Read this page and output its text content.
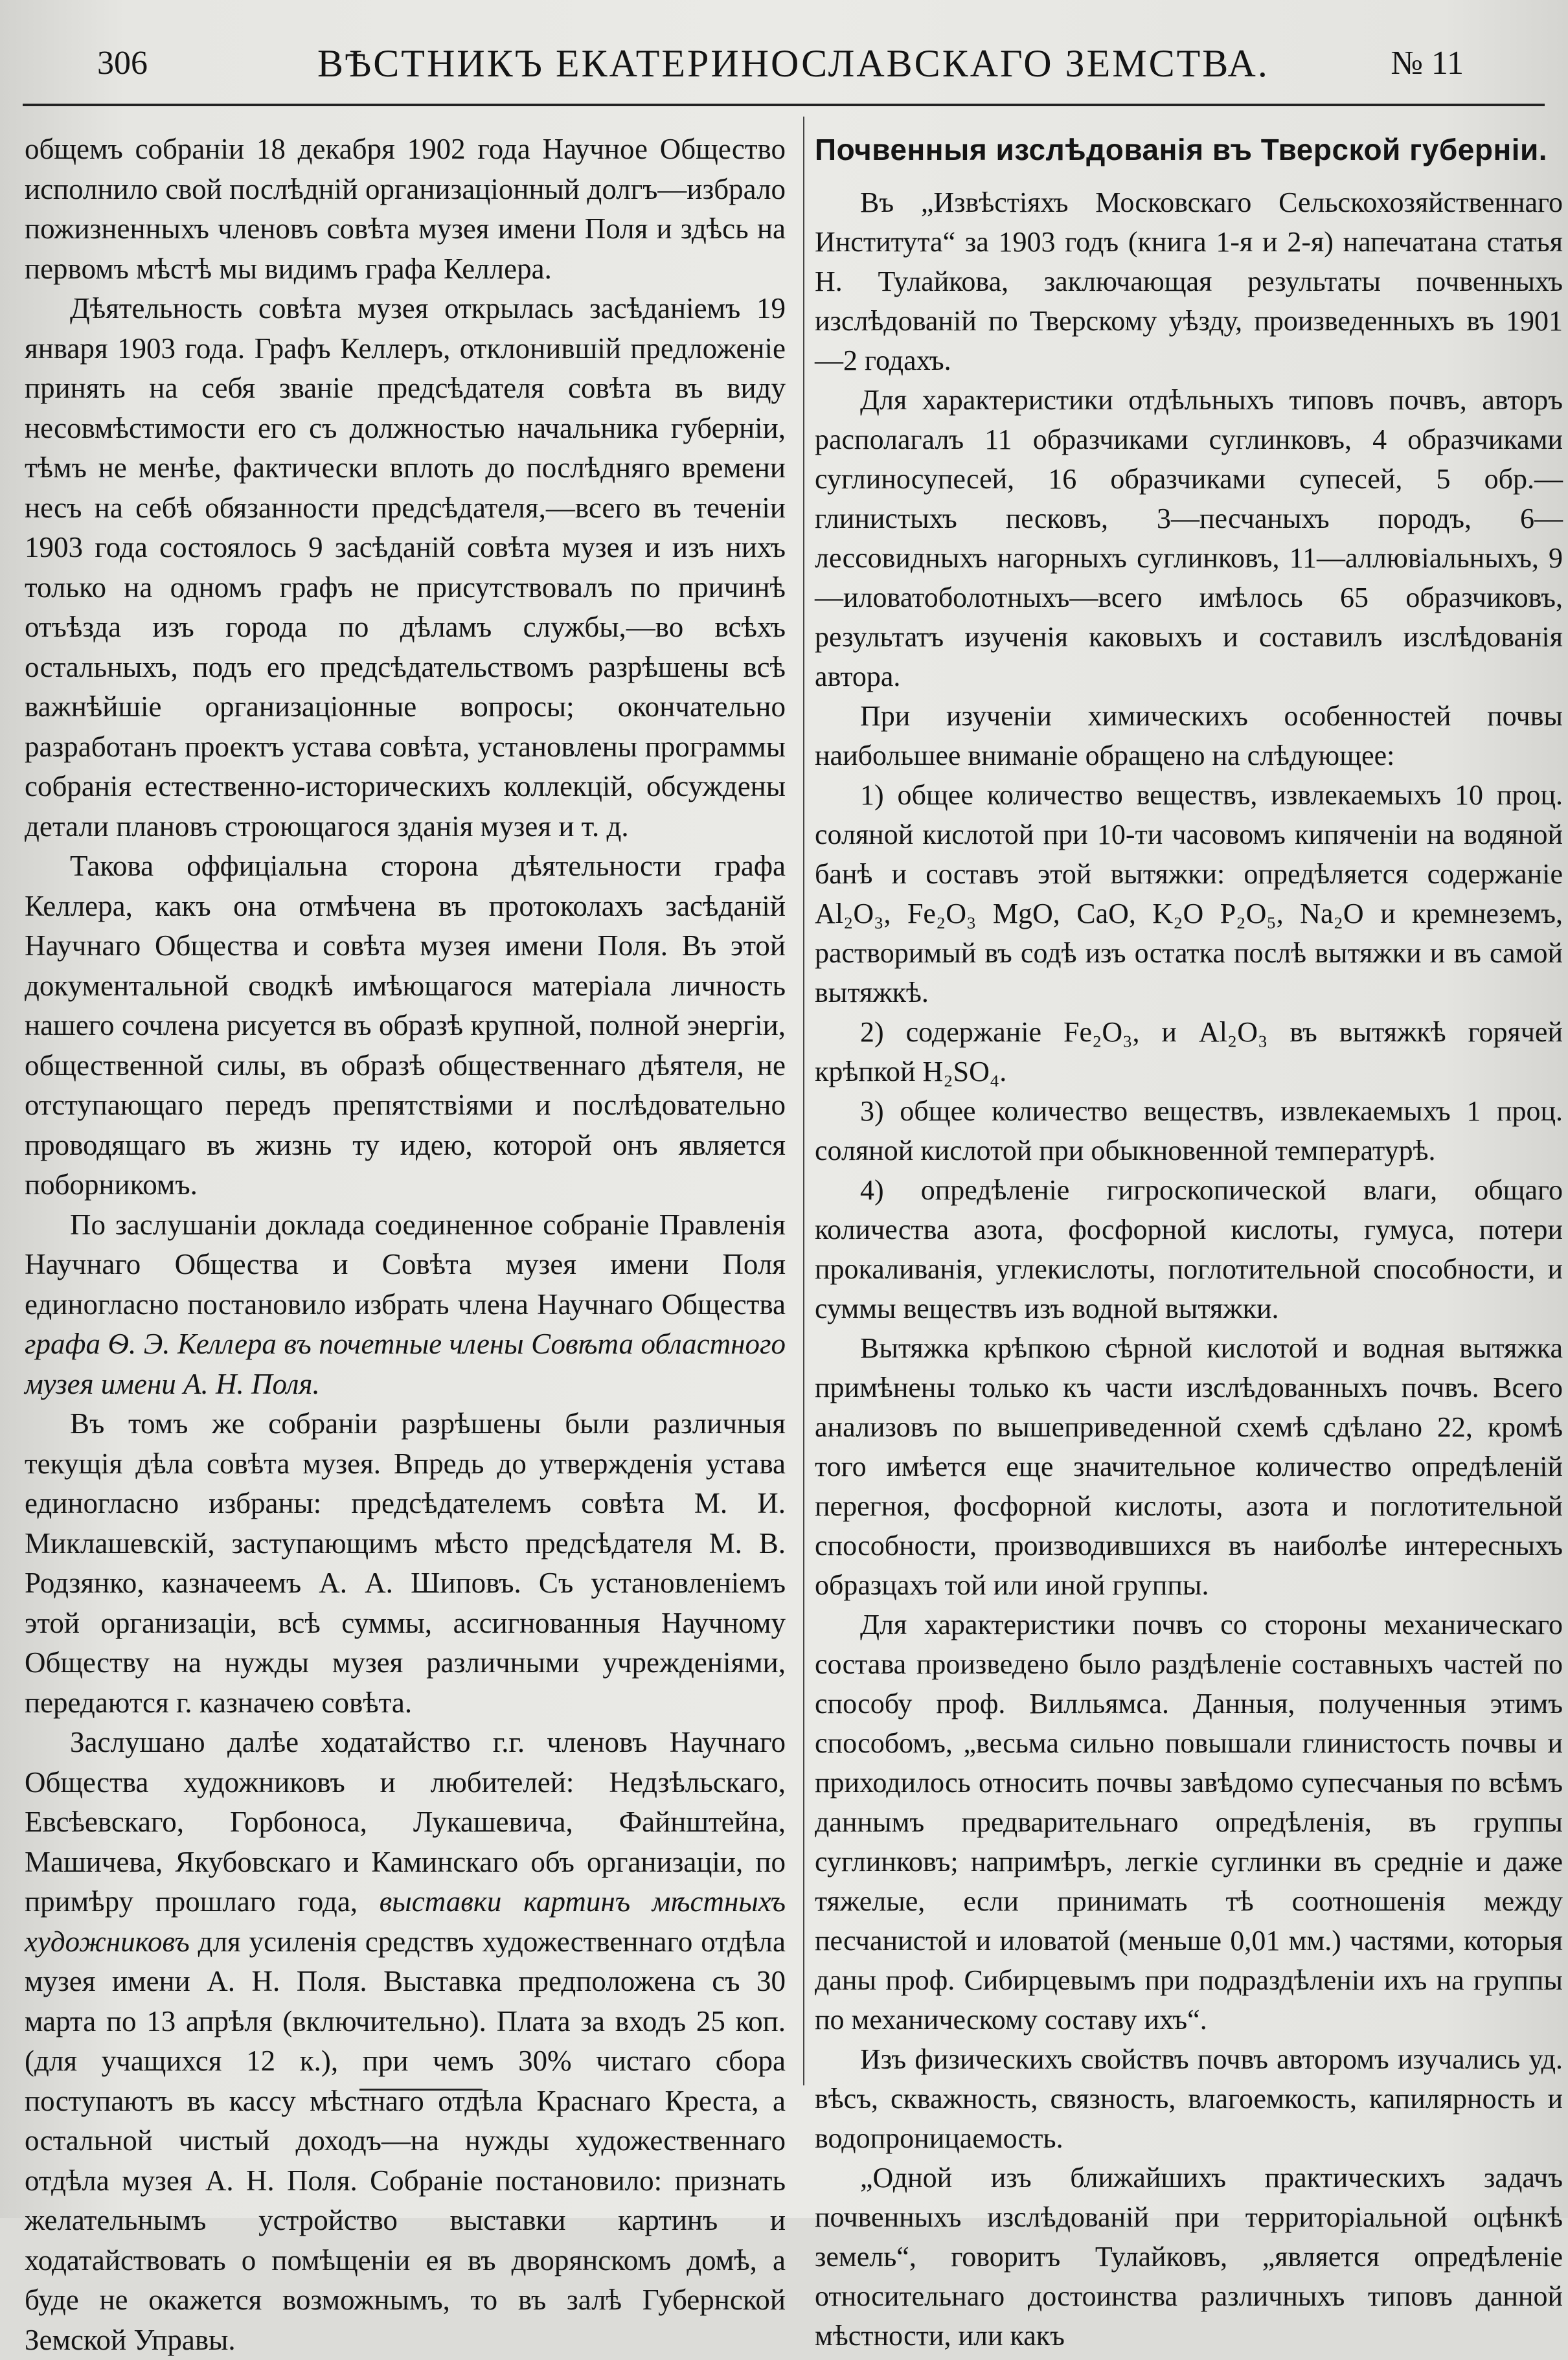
306	ВѢСТНИКЪ ЕКАТЕРИНОСЛАВСКАГО ЗЕМСТВА.	№ 11

общемъ собраніи 18 декабря 1902 года Научное Общество исполнило свой послѣдній организаціонный долгъ—избрало пожизненныхъ членовъ совѣта музея имени Поля и здѣсь на первомъ мѣстѣ мы видимъ графа Келлера.

Дѣятельность совѣта музея открылась засѣданіемъ 19 января 1903 года. Графъ Келлеръ, отклонившій предложеніе принять на себя званіе предсѣдателя совѣта въ виду несовмѣстимости его съ должностью начальника губерніи, тѣмъ не менѣе, фактически вплоть до послѣдняго времени несъ на себѣ обязанности предсѣдателя,—всего въ теченіи 1903 года состоялось 9 засѣданій совѣта музея и изъ нихъ только на одномъ графъ не присутствовалъ по причинѣ отъѣзда изъ города по дѣламъ службы,—во всѣхъ остальныхъ, подъ его предсѣдательствомъ разрѣшены всѣ важнѣйшіе организаціонные вопросы; окончательно разработанъ проектъ устава совѣта, установлены программы собранія естественно-историческихъ коллекцій, обсуждены детали плановъ строющагося зданія музея и т. д.

Такова оффиціальна сторона дѣятельности графа Келлера, какъ она отмѣчена въ протоколахъ засѣданій Научнаго Общества и совѣта музея имени Поля. Въ этой документальной сводкѣ имѣющагося матеріала личность нашего сочлена рисуется въ образѣ крупной, полной энергіи, общественной силы, въ образѣ общественнаго дѣятеля, не отступающаго передъ препятствіями и послѣдовательно проводящаго въ жизнь ту идею, которой онъ является поборникомъ.

По заслушаніи доклада соединенное собраніе Правленія Научнаго Общества и Совѣта музея имени Поля единогласно постановило избрать члена Научнаго Общества графа Ѳ. Э. Келлера въ почетные члены Совѣта областного музея имени А. Н. Поля.

Въ томъ же собраніи разрѣшены были различныя текущія дѣла совѣта музея. Впредь до утвержденія устава единогласно избраны: предсѣдателемъ совѣта М. И. Миклашевскій, заступающимъ мѣсто предсѣдателя М. В. Родзянко, казначеемъ А. А. Шиповъ. Съ установленіемъ этой организаціи, всѣ суммы, ассигнованныя Научному Обществу на нужды музея различными учрежденіями, передаются г. казначею совѣта.

Заслушано далѣе ходатайство г.г. членовъ Научнаго Общества художниковъ и любителей: Недзѣльскаго, Евсѣевскаго, Горбоноса, Лукашевича, Файнштейна, Машичева, Якубовскаго и Каминскаго объ организаціи, по примѣру прошлаго года, выставки картинъ мѣстныхъ художниковъ для усиленія средствъ художественнаго отдѣла музея имени А. Н. Поля. Выставка предположена съ 30 марта по 13 апрѣля (включительно). Плата за входъ 25 коп. (для учащихся 12 к.), при чемъ 30% чистаго сбора поступаютъ въ кассу мѣстнаго отдѣла Краснаго Креста, а остальной чистый доходъ—на нужды художественнаго отдѣла музея А. Н. Поля. Собраніе постановило: признать желательнымъ устройство выставки картинъ и ходатайствовать о помѣщеніи ея въ дворянскомъ домѣ, а буде не окажется возможнымъ, то въ залѣ Губернской Земской Управы.

Почвенныя изслѣдованія въ Тверской губерніи.

Въ „Извѣстіяхъ Московскаго Сельскохозяйственнаго Института“ за 1903 годъ (книга 1-я и 2-я) напечатана статья Н. Тулайкова, заключающая результаты почвенныхъ изслѣдованій по Тверскому уѣзду, произведенныхъ въ 1901—2 годахъ.

Для характеристики отдѣльныхъ типовъ почвъ, авторъ располагалъ 11 образчиками суглинковъ, 4 образчиками суглиносупесей, 16 образчиками супесей, 5 обр.—глинистыхъ песковъ, 3—песчаныхъ породъ, 6— лессовидныхъ нагорныхъ суглинковъ, 11—аллювіальныхъ, 9—иловатоболотныхъ—всего имѣлось 65 образчиковъ, результатъ изученія каковыхъ и составилъ изслѣдованія автора.

При изученіи химическихъ особенностей почвы наибольшее вниманіе обращено на слѣдующее:

1) общее количество веществъ, извлекаемыхъ 10 проц. соляной кислотой при 10-ти часовомъ кипяченіи на водяной банѣ и составъ этой вытяжки: опредѣляется содержаніе Al₂O₃, Fe₂O₃ MgO, CaO, K₂O P₂O₅, Na₂O и кремнеземъ, растворимый въ содѣ изъ остатка послѣ вытяжки и въ самой вытяжкѣ.

2) содержаніе Fe₂O₃, и Al₂O₃ въ вытяжкѣ горячей крѣпкой H₂SO₄.

3) общее количество веществъ, извлекаемыхъ 1 проц. соляной кислотой при обыкновенной температурѣ.

4) опредѣленіе гигроскопической влаги, общаго количества азота, фосфорной кислоты, гумуса, потери прокаливанія, углекислоты, поглотительной способности, и суммы веществъ изъ водной вытяжки.

Вытяжка крѣпкою сѣрной кислотой и водная вытяжка примѣнены только къ части изслѣдованныхъ почвъ. Всего анализовъ по вышеприведенной схемѣ сдѣлано 22, кромѣ того имѣется еще значительное количество опредѣленій перегноя, фосфорной кислоты, азота и поглотительной способности, производившихся въ наиболѣе интересныхъ образцахъ той или иной группы.

Для характеристики почвъ со стороны механическаго состава произведено было раздѣленіе составныхъ частей по способу проф. Вилльямса. Данныя, полученныя этимъ способомъ, „весьма сильно повышали глинистость почвы и приходилось относить почвы завѣдомо супесчаныя по всѣмъ даннымъ предварительнаго опредѣленія, въ группы суглинковъ; напримѣръ, легкіе суглинки въ средніе и даже тяжелые, если принимать тѣ соотношенія между песчанистой и иловатой (меньше 0,01 мм.) частями, которыя даны проф. Сибирцевымъ при подраздѣленіи ихъ на группы по механическому составу ихъ“.

Изъ физическихъ свойствъ почвъ авторомъ изучались уд. вѣсъ, скважность, связность, влагоемкость, капилярность и водопроницаемость.

„Одной изъ ближайшихъ практическихъ задачъ почвенныхъ изслѣдованій при территоріальной оцѣнкѣ земель“, говоритъ Тулайковъ, „является опредѣленіе относительнаго достоинства различныхъ типовъ данной мѣстности, или какъ
